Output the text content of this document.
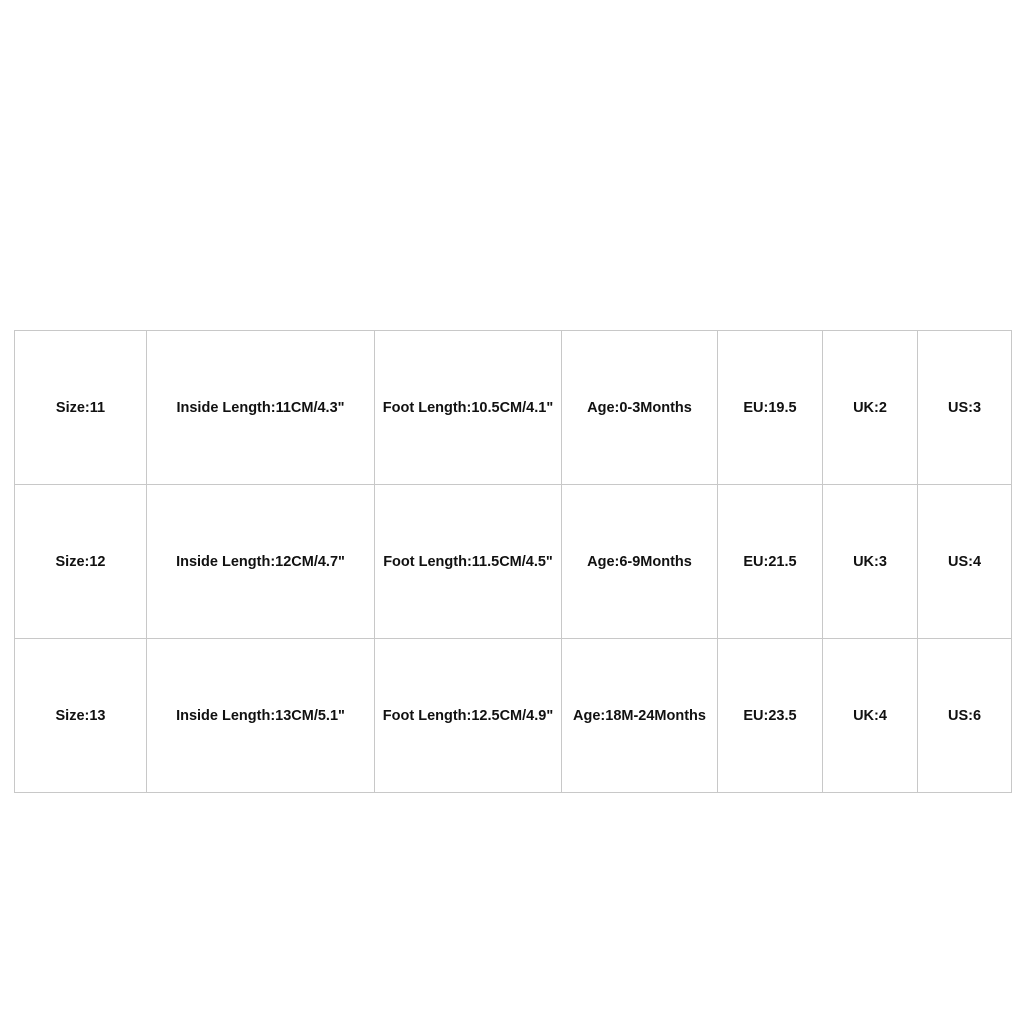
Size:11	Inside Length:11CM/4.3"	Foot Length:10.5CM/4.1"	Age:0-3Months	EU:19.5	UK:2	US:3
Size:12	Inside Length:12CM/4.7"	Foot Length:11.5CM/4.5"	Age:6-9Months	EU:21.5	UK:3	US:4
Size:13	Inside Length:13CM/5.1"	Foot Length:12.5CM/4.9"	Age:18M-24Months	EU:23.5	UK:4	US:6
